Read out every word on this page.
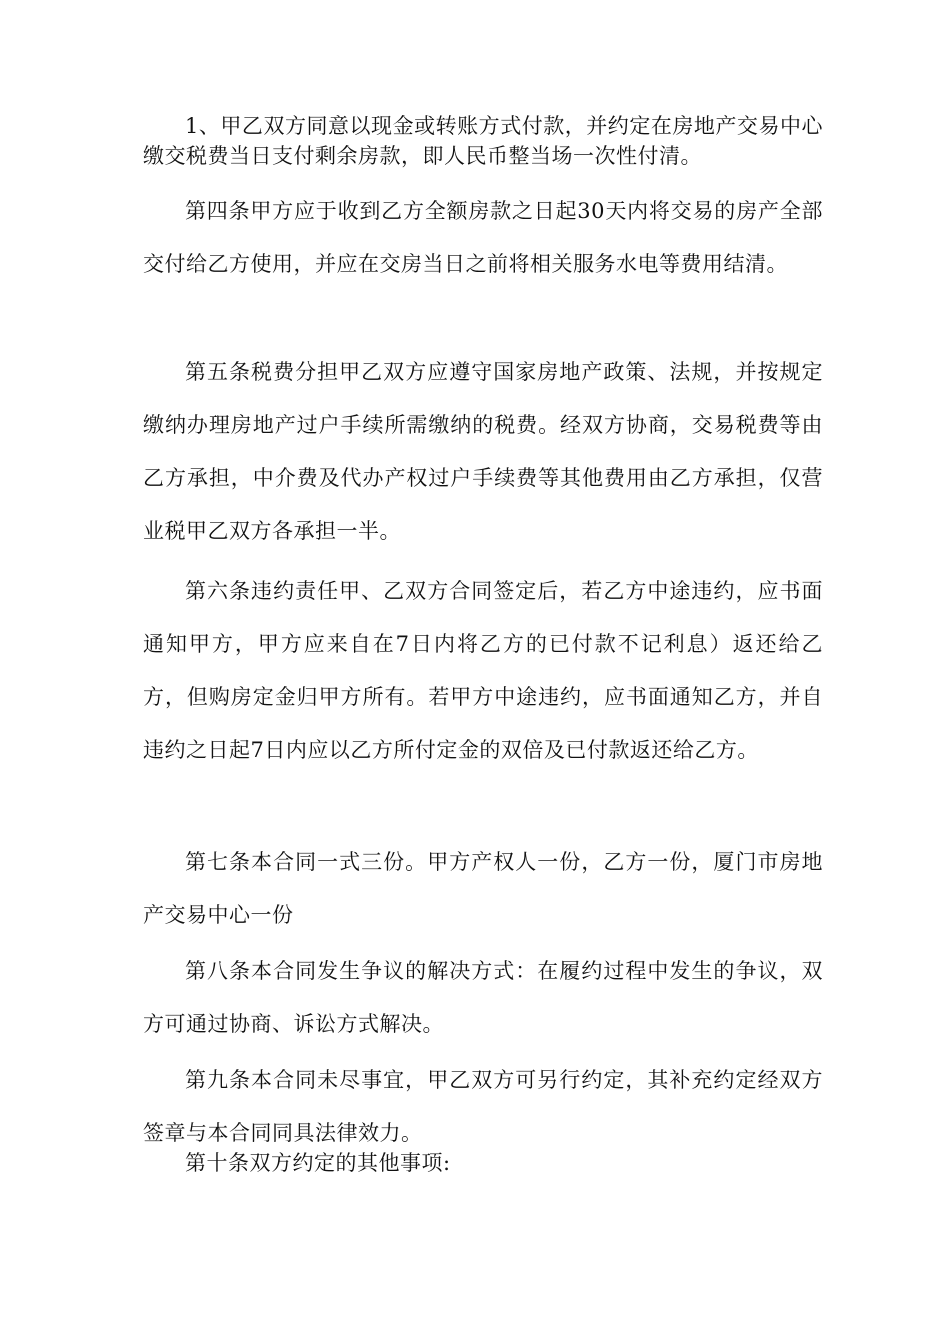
1、甲乙双方同意以现金或转账方式付款，并约定在房地产交易中心缴交税费当日支付剩余房款，即人民币整当场一次性付清。

第四条甲方应于收到乙方全额房款之日起30天内将交易的房产全部交付给乙方使用，并应在交房当日之前将相关服务水电等费用结清。

第五条税费分担甲乙双方应遵守国家房地产政策、法规，并按规定缴纳办理房地产过户手续所需缴纳的税费。经双方协商，交易税费等由乙方承担，中介费及代办产权过户手续费等其他费用由乙方承担，仅营业税甲乙双方各承担一半。

第六条违约责任甲、乙双方合同签定后，若乙方中途违约，应书面通知甲方，甲方应来自在7日内将乙方的已付款不记利息）返还给乙方，但购房定金归甲方所有。若甲方中途违约，应书面通知乙方，并自违约之日起7日内应以乙方所付定金的双倍及已付款返还给乙方。

第七条本合同一式三份。甲方产权人一份，乙方一份，厦门市房地产交易中心一份

第八条本合同发生争议的解决方式：在履约过程中发生的争议，双方可通过协商、诉讼方式解决。

第九条本合同未尽事宜，甲乙双方可另行约定，其补充约定经双方签章与本合同同具法律效力。

第十条双方约定的其他事项:
